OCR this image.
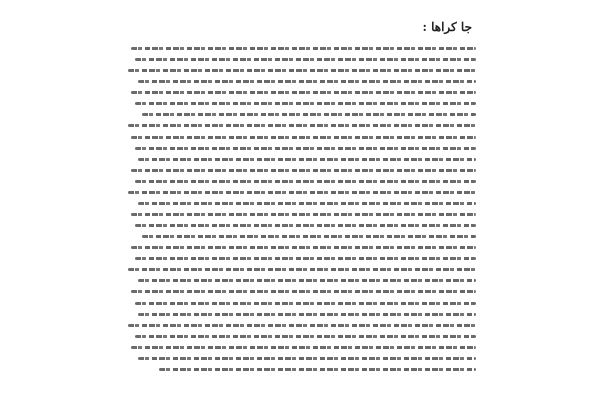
جا کراها :
